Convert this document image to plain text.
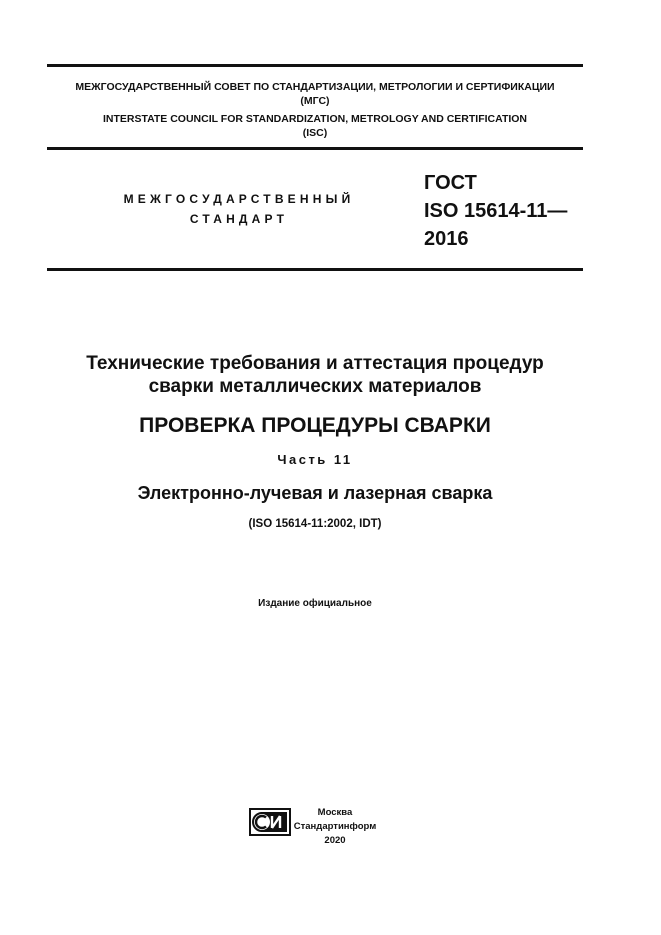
МЕЖГОСУДАРСТВЕННЫЙ СОВЕТ ПО СТАНДАРТИЗАЦИИ, МЕТРОЛОГИИ И СЕРТИФИКАЦИИ
(МГС)
INTERSTATE COUNCIL FOR STANDARDIZATION, METROLOGY AND CERTIFICATION
(ISC)
МЕЖГОСУДАРСТВЕННЫЙ
СТАНДАРТ
ГОСТ
ISO 15614-11—
2016
Технические требования и аттестация процедур
сварки металлических материалов
ПРОВЕРКА ПРОЦЕДУРЫ СВАРКИ
Часть 11
Электронно-лучевая и лазерная сварка
(ISO 15614-11:2002, IDT)
Издание официальное
Москва
Стандартинформ
2020
